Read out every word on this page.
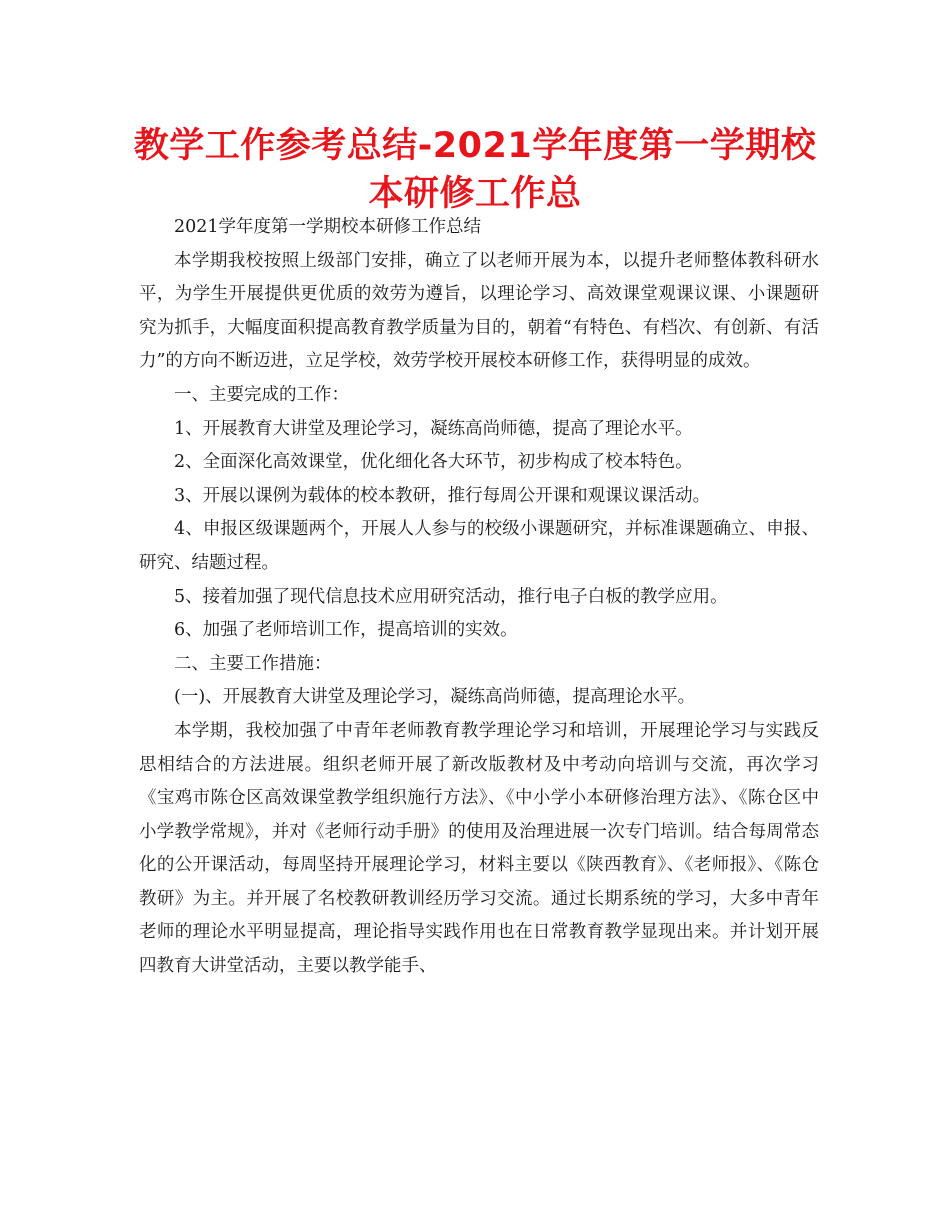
教学工作参考总结-2021学年度第一学期校本研修工作总

2021学年度第一学期校本研修工作总结

本学期我校按照上级部门安排，确立了以老师开展为本，以提升老师整体教科研水平，为学生开展提供更优质的效劳为遵旨，以理论学习、高效课堂观课议课、小课题研究为抓手，大幅度面积提高教育教学质量为目的，朝着“有特色、有档次、有创新、有活力”的方向不断迈进，立足学校，效劳学校开展校本研修工作，获得明显的成效。

一、主要完成的工作：

1、开展教育大讲堂及理论学习，凝练高尚师德，提高了理论水平。

2、全面深化高效课堂，优化细化各大环节，初步构成了校本特色。

3、开展以课例为载体的校本教研，推行每周公开课和观课议课活动。

4、申报区级课题两个，开展人人参与的校级小课题研究，并标准课题确立、申报、研究、结题过程。

5、接着加强了现代信息技术应用研究活动，推行电子白板的教学应用。

6、加强了老师培训工作，提高培训的实效。

二、主要工作措施：

(一)、开展教育大讲堂及理论学习，凝练高尚师德，提高理论水平。

本学期，我校加强了中青年老师教育教学理论学习和培训，开展理论学习与实践反思相结合的方法进展。组织老师开展了新改版教材及中考动向培训与交流，再次学习《宝鸡市陈仓区高效课堂教学组织施行方法》、《中小学小本研修治理方法》、《陈仓区中小学教学常规》，并对《老师行动手册》的使用及治理进展一次专门培训。结合每周常态化的公开课活动，每周坚持开展理论学习，材料主要以《陕西教育》、《老师报》、《陈仓教研》为主。并开展了名校教研教训经历学习交流。通过长期系统的学习，大多中青年老师的理论水平明显提高，理论指导实践作用也在日常教育教学显现出来。并计划开展四教育大讲堂活动，主要以教学能手、
